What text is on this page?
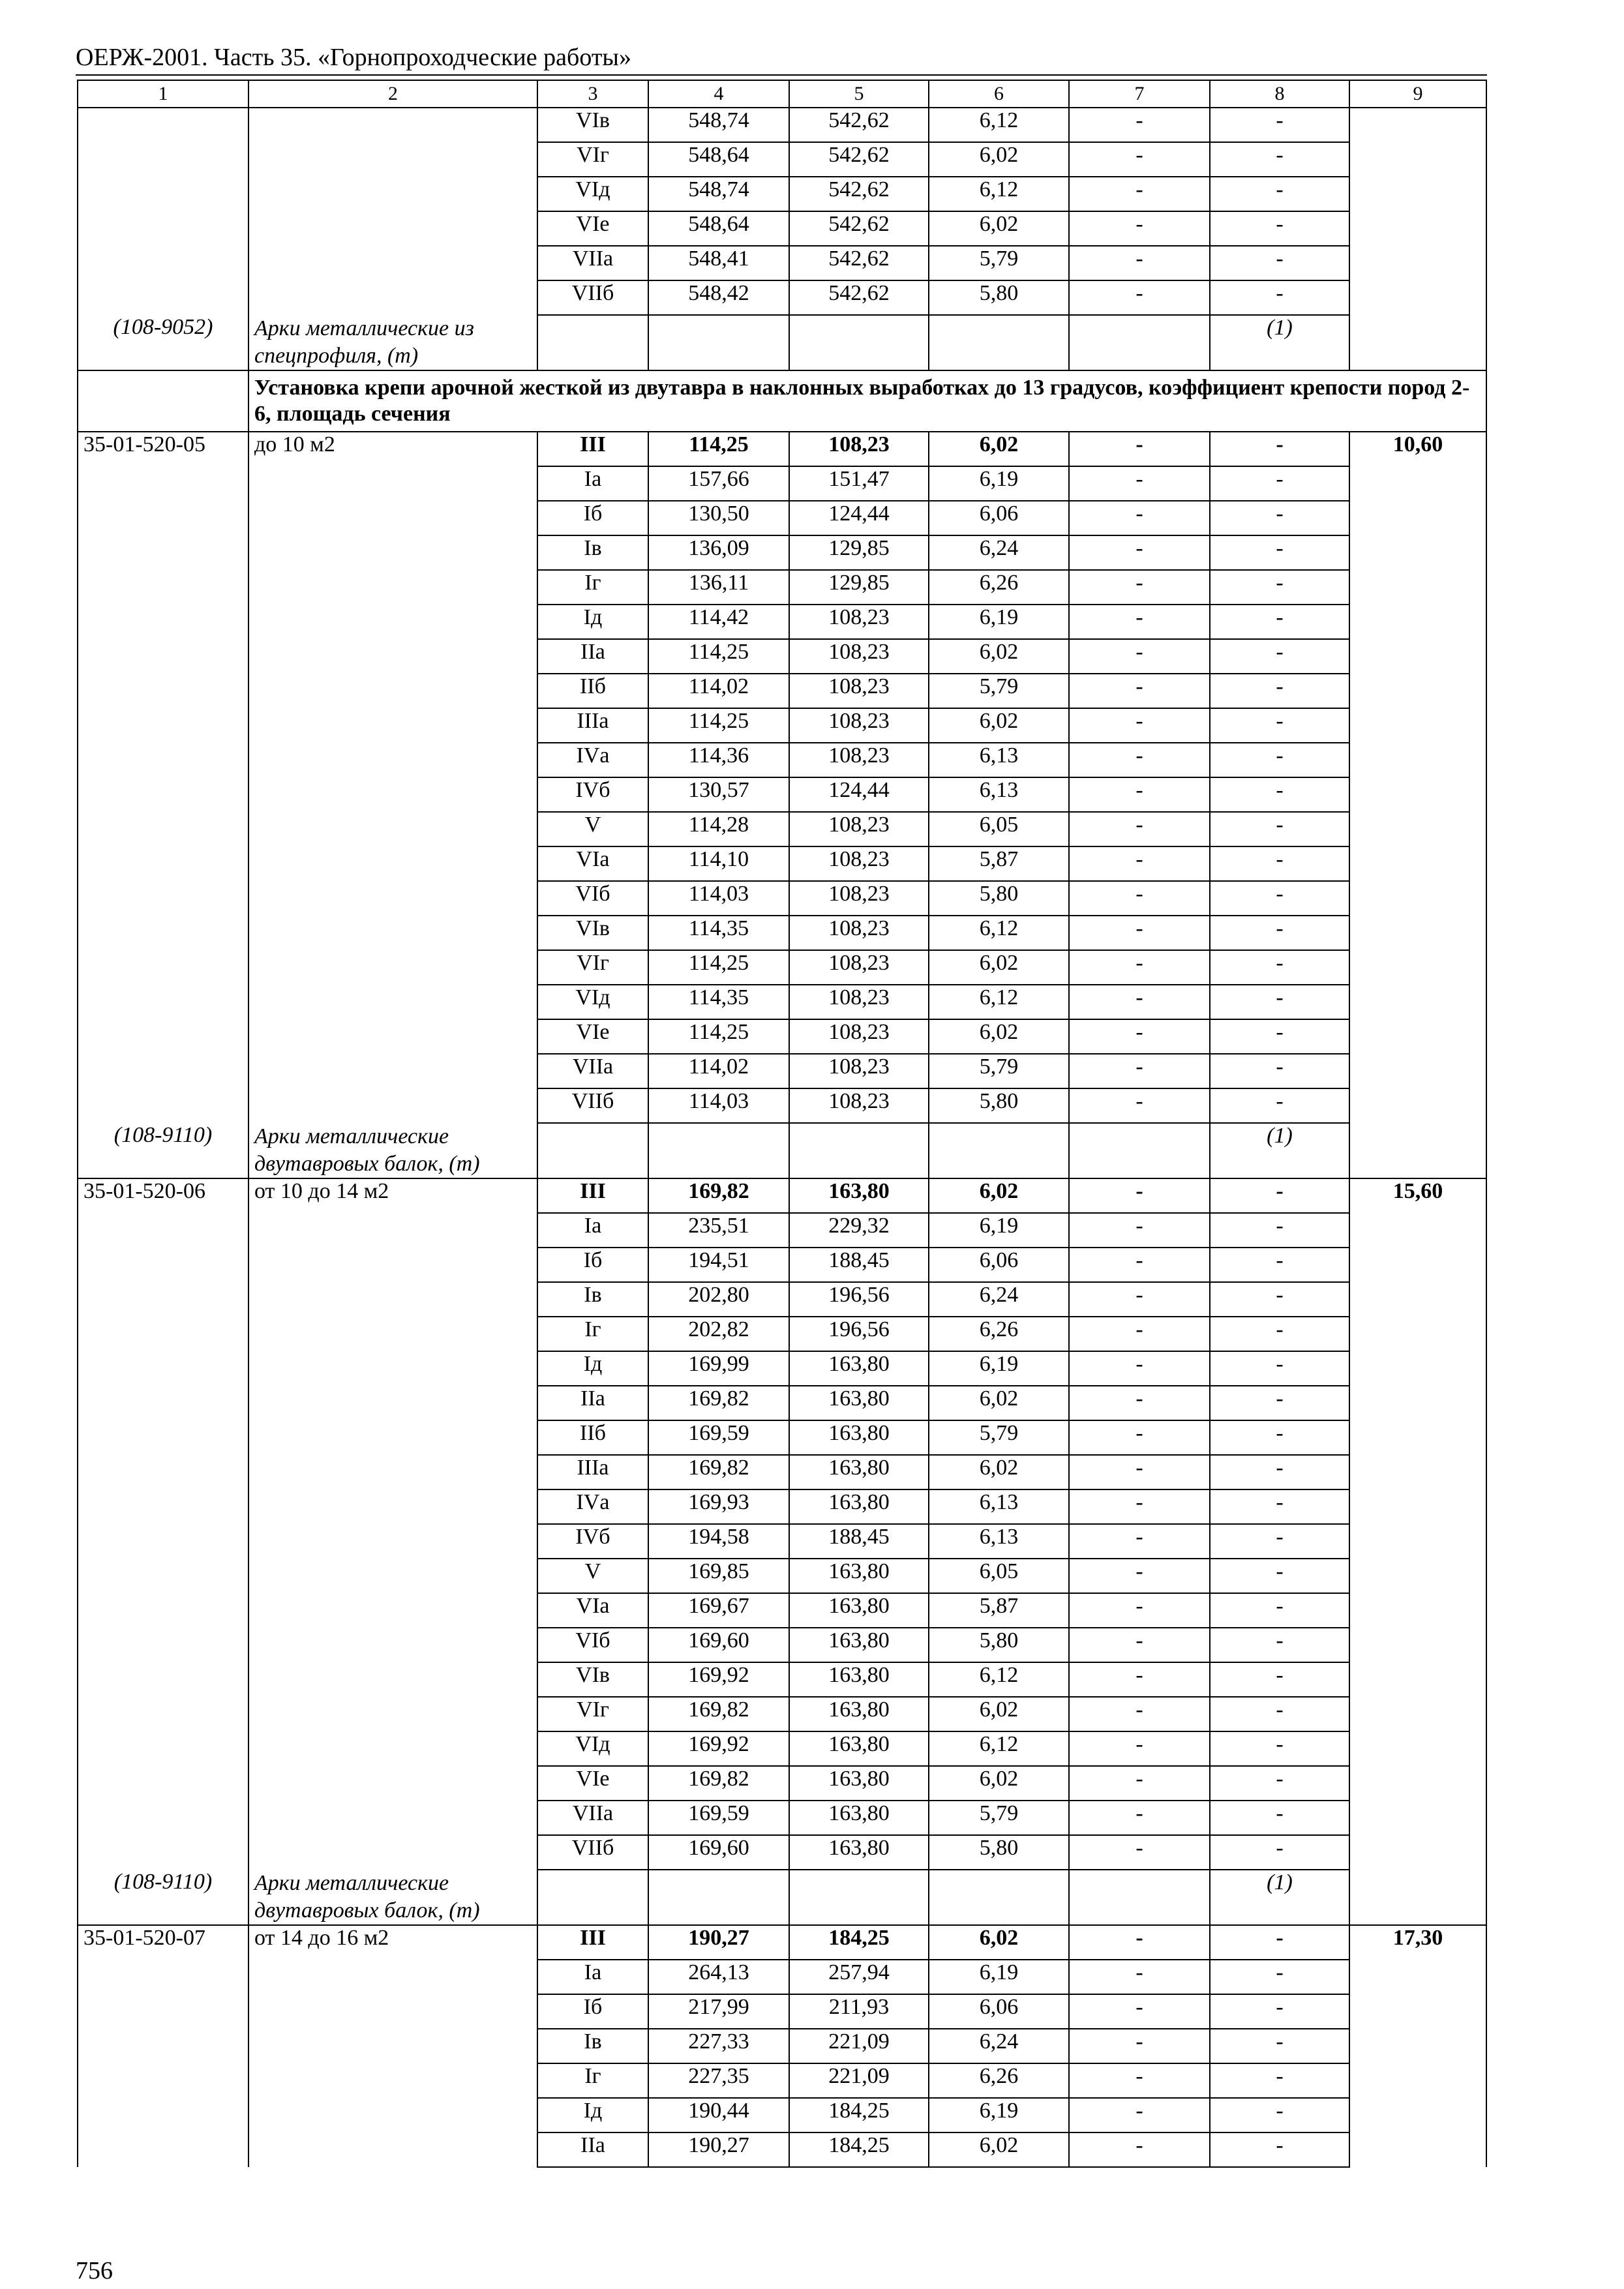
ОЕРЖ-2001. Часть 35. «Горнопроходческие работы»
1	2	3	4	5	6	7	8	9
		VIв	548,74	542,62	6,12	-	-	
		VIг	548,64	542,62	6,02	-	-	
		VIд	548,74	542,62	6,12	-	-	
		VIе	548,64	542,62	6,02	-	-	
		VIIа	548,41	542,62	5,79	-	-	
		VIIб	548,42	542,62	5,80	-	-	
(108-9052)	Арки металлические из спецпрофиля, (т)						(1)	
	Установка крепи арочной жесткой из двутавра в наклонных выработках до 13 градусов, коэффициент крепости пород 2-6, площадь сечения							
35-01-520-05	до 10 м2	III	114,25	108,23	6,02	-	-	10,60
		Iа	157,66	151,47	6,19	-	-	
		Iб	130,50	124,44	6,06	-	-	
		Iв	136,09	129,85	6,24	-	-	
		Iг	136,11	129,85	6,26	-	-	
		Iд	114,42	108,23	6,19	-	-	
		IIа	114,25	108,23	6,02	-	-	
		IIб	114,02	108,23	5,79	-	-	
		IIIа	114,25	108,23	6,02	-	-	
		IVа	114,36	108,23	6,13	-	-	
		IVб	130,57	124,44	6,13	-	-	
		V	114,28	108,23	6,05	-	-	
		VIа	114,10	108,23	5,87	-	-	
		VIб	114,03	108,23	5,80	-	-	
		VIв	114,35	108,23	6,12	-	-	
		VIг	114,25	108,23	6,02	-	-	
		VIд	114,35	108,23	6,12	-	-	
		VIе	114,25	108,23	6,02	-	-	
		VIIа	114,02	108,23	5,79	-	-	
		VIIб	114,03	108,23	5,80	-	-	
(108-9110)	Арки металлические двутавровых балок, (т)						(1)	
35-01-520-06	от 10 до 14 м2	III	169,82	163,80	6,02	-	-	15,60
		Iа	235,51	229,32	6,19	-	-	
		Iб	194,51	188,45	6,06	-	-	
		Iв	202,80	196,56	6,24	-	-	
		Iг	202,82	196,56	6,26	-	-	
		Iд	169,99	163,80	6,19	-	-	
		IIа	169,82	163,80	6,02	-	-	
		IIб	169,59	163,80	5,79	-	-	
		IIIа	169,82	163,80	6,02	-	-	
		IVа	169,93	163,80	6,13	-	-	
		IVб	194,58	188,45	6,13	-	-	
		V	169,85	163,80	6,05	-	-	
		VIа	169,67	163,80	5,87	-	-	
		VIб	169,60	163,80	5,80	-	-	
		VIв	169,92	163,80	6,12	-	-	
		VIг	169,82	163,80	6,02	-	-	
		VIд	169,92	163,80	6,12	-	-	
		VIе	169,82	163,80	6,02	-	-	
		VIIа	169,59	163,80	5,79	-	-	
		VIIб	169,60	163,80	5,80	-	-	
(108-9110)	Арки металлические двутавровых балок, (т)						(1)	
35-01-520-07	от 14 до 16 м2	III	190,27	184,25	6,02	-	-	17,30
		Iа	264,13	257,94	6,19	-	-	
		Iб	217,99	211,93	6,06	-	-	
		Iв	227,33	221,09	6,24	-	-	
		Iг	227,35	221,09	6,26	-	-	
		Iд	190,44	184,25	6,19	-	-	
		IIа	190,27	184,25	6,02	-	-	
756
